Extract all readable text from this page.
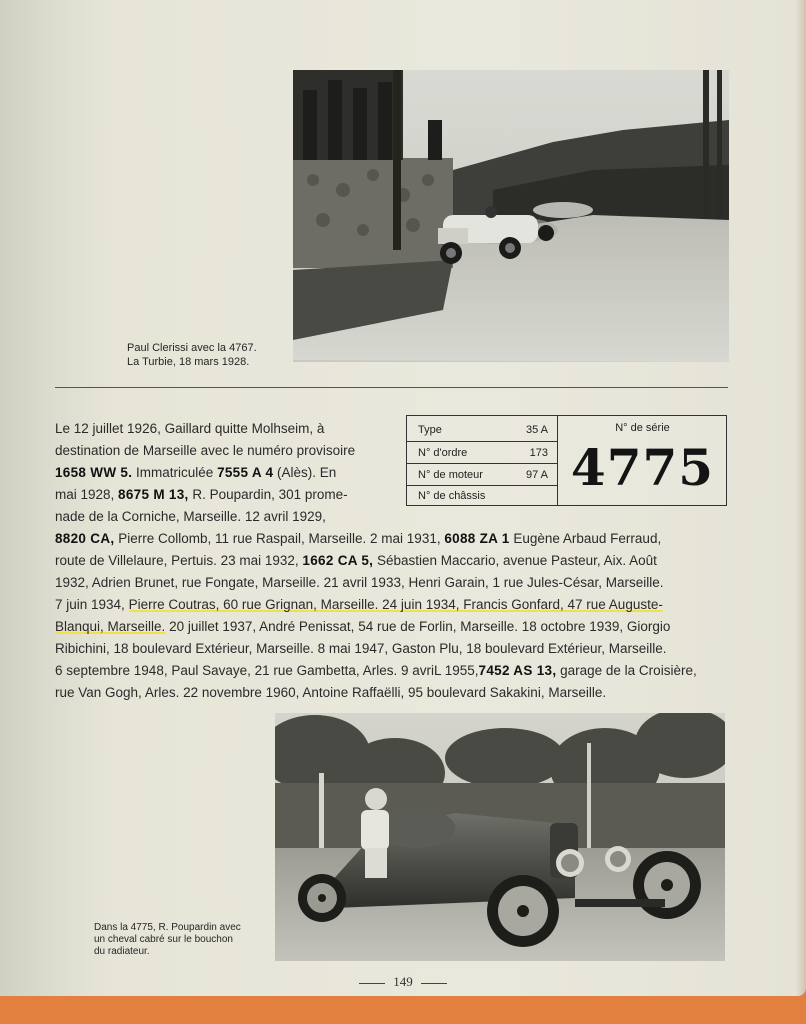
Paul Clerissi avec la 4767.
La Turbie, 18 mars 1928.
Type	35 A
N° d'ordre	173
N° de moteur	97 A
N° de châssis
N° de série
4775
Le 12 juillet 1926, Gaillard quitte Molhseim, à
destination de Marseille avec le numéro provisoire
1658 WW 5. Immatriculée 7555 A 4 (Alès). En
mai 1928, 8675 M 13, R. Poupardin, 301 prome-
nade de la Corniche, Marseille. 12 avril 1929,
8820 CA, Pierre Collomb, 11 rue Raspail, Marseille. 2 mai 1931, 6088 ZA 1 Eugène Arbaud Ferraud,
route de Villelaure, Pertuis. 23 mai 1932, 1662 CA 5, Sébastien Maccario, avenue Pasteur, Aix. Août
1932, Adrien Brunet, rue Fongate, Marseille. 21 avril 1933, Henri Garain, 1 rue Jules-César, Marseille.
7 juin 1934, Pierre Coutras, 60 rue Grignan, Marseille. 24 juin 1934, Francis Gonfard, 47 rue Auguste-
Blanqui, Marseille. 20 juillet 1937, André Penissat, 54 rue de Forlin, Marseille. 18 octobre 1939, Giorgio
Ribichini, 18 boulevard Extérieur, Marseille. 8 mai 1947, Gaston Plu, 18 boulevard Extérieur, Marseille.
6 septembre 1948, Paul Savaye, 21 rue Gambetta, Arles. 9 avriL 1955,7452 AS 13, garage de la Croisière,
rue Van Gogh, Arles. 22 novembre 1960, Antoine Raffaëlli, 95 boulevard Sakakini, Marseille.
Dans la 4775, R. Poupardin avec
un cheval cabré sur le bouchon
du radiateur.
149
